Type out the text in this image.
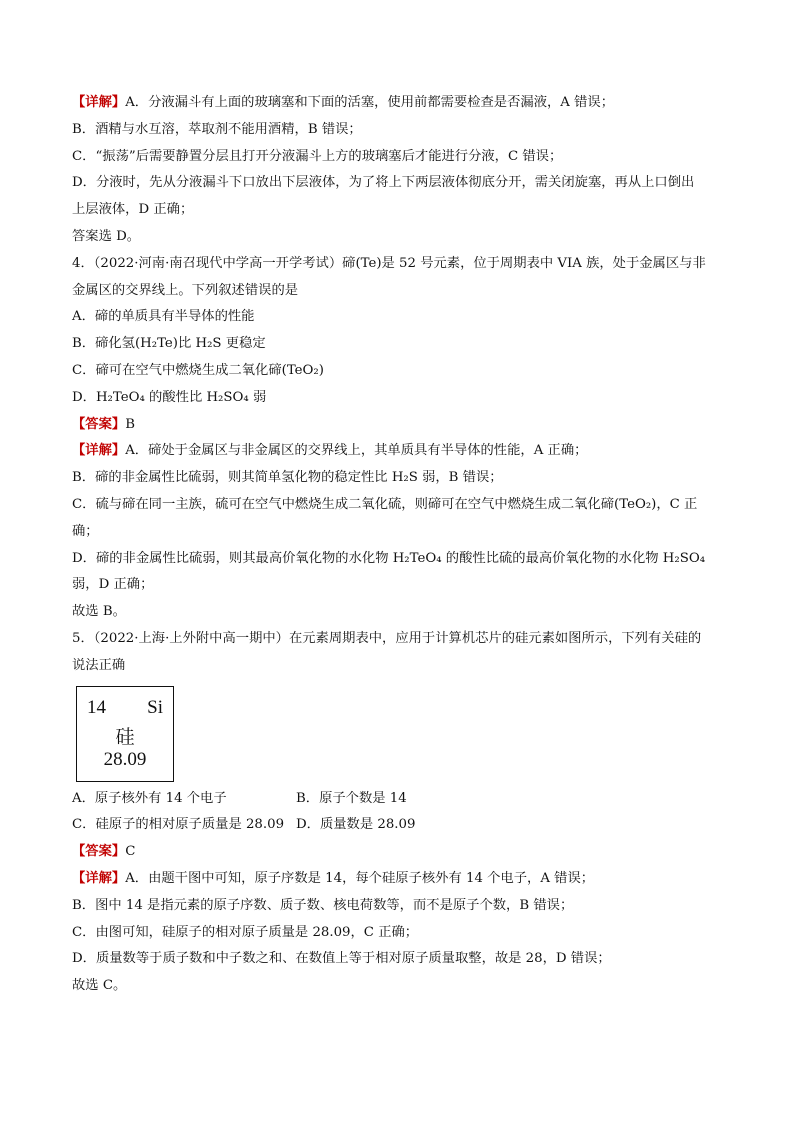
【详解】A．分液漏斗有上面的玻璃塞和下面的活塞，使用前都需要检查是否漏液，A 错误；
B．酒精与水互溶，萃取剂不能用酒精，B 错误；
C．“振荡”后需要静置分层且打开分液漏斗上方的玻璃塞后才能进行分液，C 错误；
D．分液时，先从分液漏斗下口放出下层液体，为了将上下两层液体彻底分开，需关闭旋塞，再从上口倒出
上层液体，D 正确；
答案选 D。
4．（2022·河南·南召现代中学高一开学考试）碲(Te)是 52 号元素，位于周期表中 VIA 族，处于金属区与非
金属区的交界线上。下列叙述错误的是
A．碲的单质具有半导体的性能
B．碲化氢(H₂Te)比 H₂S 更稳定
C．碲可在空气中燃烧生成二氧化碲(TeO₂)
D．H₂TeO₄ 的酸性比 H₂SO₄ 弱
【答案】B
【详解】A．碲处于金属区与非金属区的交界线上，其单质具有半导体的性能，A 正确；
B．碲的非金属性比硫弱，则其简单氢化物的稳定性比 H₂S 弱，B 错误；
C．硫与碲在同一主族，硫可在空气中燃烧生成二氧化硫，则碲可在空气中燃烧生成二氧化碲(TeO₂)，C 正
确；
D．碲的非金属性比硫弱，则其最高价氧化物的水化物 H₂TeO₄ 的酸性比硫的最高价氧化物的水化物 H₂SO₄
弱，D 正确；
故选 B。
5．（2022·上海·上外附中高一期中）在元素周期表中，应用于计算机芯片的硅元素如图所示，下列有关硅的
说法正确
14 Si
硅
28.09
A．原子核外有 14 个电子	B．原子个数是 14
C．硅原子的相对原子质量是 28.09 D．质量数是 28.09
【答案】C
【详解】A．由题干图中可知，原子序数是 14，每个硅原子核外有 14 个电子，A 错误；
B．图中 14 是指元素的原子序数、质子数、核电荷数等，而不是原子个数，B 错误；
C．由图可知，硅原子的相对原子质量是 28.09，C 正确；
D．质量数等于质子数和中子数之和、在数值上等于相对原子质量取整，故是 28，D 错误；
故选 C。
